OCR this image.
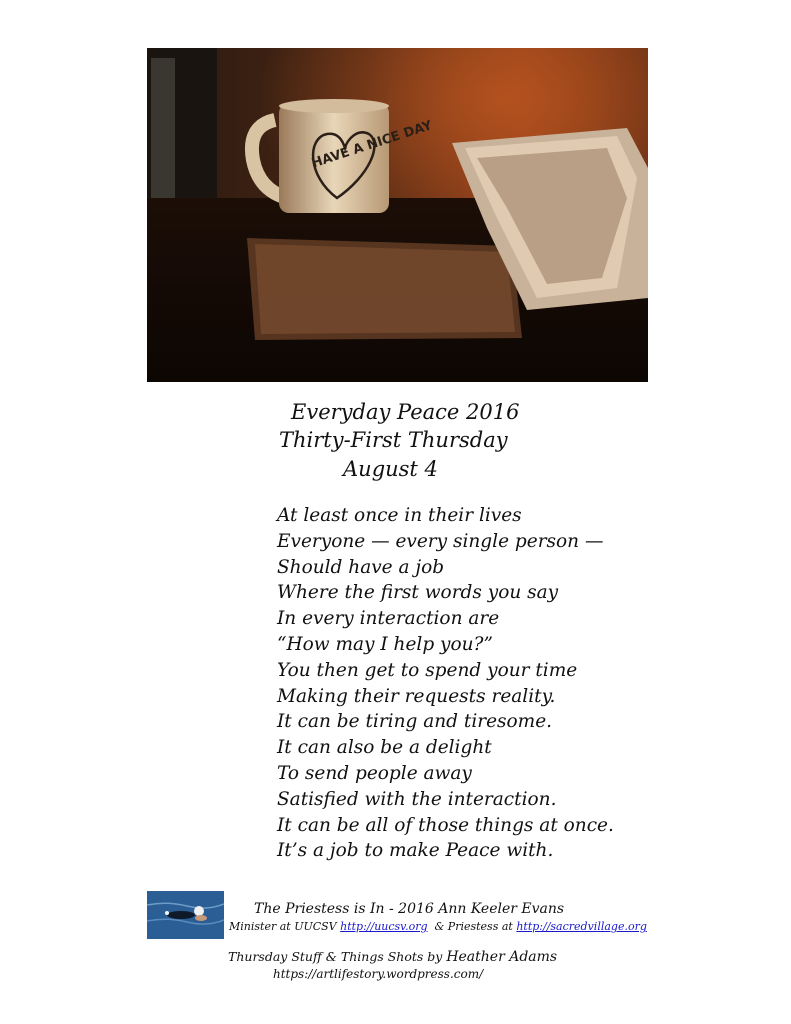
HAVE A NICE DAY
Everyday Peace 2016
Thirty-First Thursday
August 4
At least once in their lives
Everyone — every single person —
Should have a job
Where the first words you say
In every interaction are
“How may I help you?”
You then get to spend your time
Making their requests reality.
It can be tiring and tiresome.
It can also be a delight
To send people away
Satisfied with the interaction.
It can be all of those things at once.
It’s a job to make Peace with.
The Priestess is In - 2016 Ann Keeler Evans
Minister at UUCSV http://uucsv.org  & Priestess at http://sacredvillage.org
Thursday Stuff & Things Shots by Heather Adams
https://artlifestory.wordpress.com/
